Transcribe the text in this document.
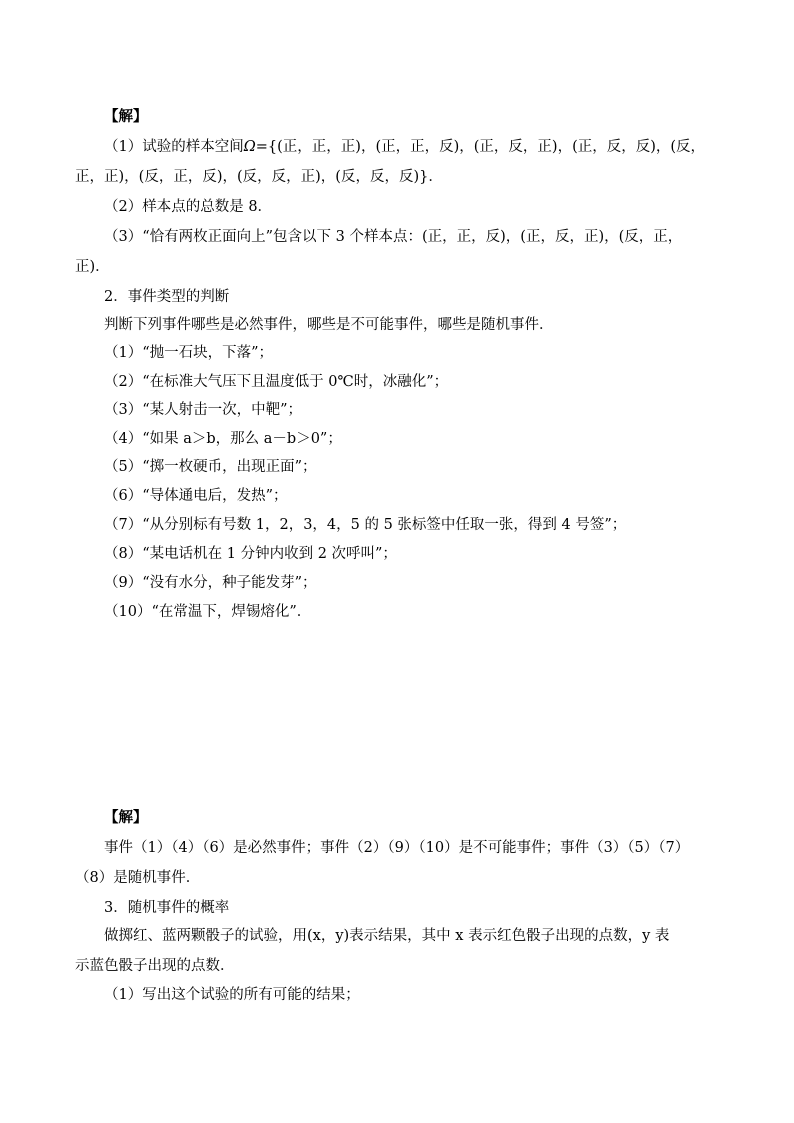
【解】
（1）试验的样本空间Ω={(正，正，正)，(正，正，反)，(正，反，正)，(正，反，反)，(反，
正，正)，(反，正，反)，(反，反，正)，(反，反，反)}．
（2）样本点的总数是 8．
（3）“恰有两枚正面向上”包含以下 3 个样本点：(正，正，反)，(正，反，正)，(反，正，
正)．
2．事件类型的判断
判断下列事件哪些是必然事件，哪些是不可能事件，哪些是随机事件．
（1）“抛一石块，下落”；
（2）“在标准大气压下且温度低于 0℃时，冰融化”；
（3）“某人射击一次，中靶”；
（4）“如果 a＞b，那么 a－b＞0”；
（5）“掷一枚硬币，出现正面”；
（6）“导体通电后，发热”；
（7）“从分别标有号数 1，2，3，4，5 的 5 张标签中任取一张，得到 4 号签”；
（8）“某电话机在 1 分钟内收到 2 次呼叫”；
（9）“没有水分，种子能发芽”；
（10）“在常温下，焊锡熔化”．
【解】
事件（1）（4）（6）是必然事件；事件（2）（9）（10）是不可能事件；事件（3）（5）（7）
（8）是随机事件．
3．随机事件的概率
做掷红、蓝两颗骰子的试验，用(x，y)表示结果，其中 x 表示红色骰子出现的点数，y 表
示蓝色骰子出现的点数．
（1）写出这个试验的所有可能的结果；
